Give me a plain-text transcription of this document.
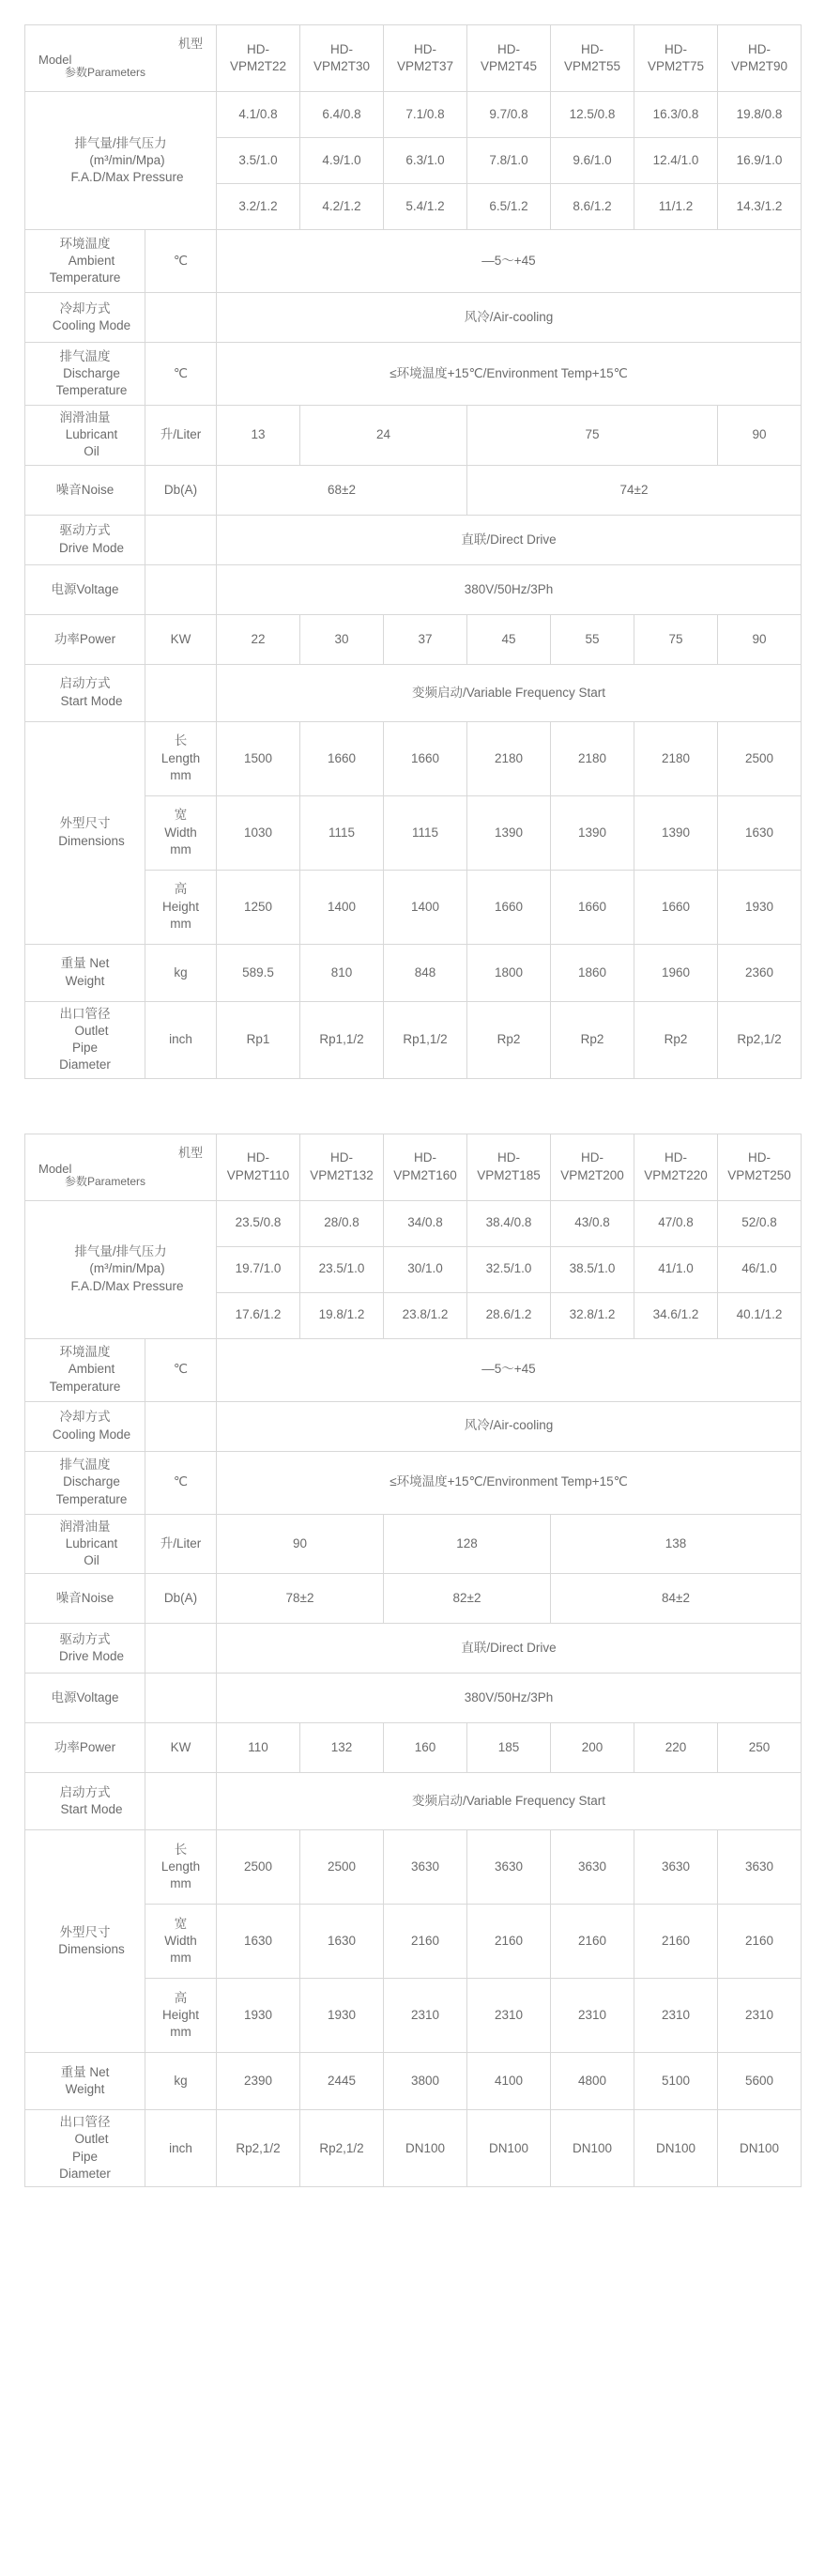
机型
Model
参数Parameters		HD-VPM2T22	HD-VPM2T30	HD-VPM2T37	HD-VPM2T45	HD-VPM2T55	HD-VPM2T75	HD-VPM2T90

排气量/排气压力
(m³/min/Mpa)
F.A.D/Max Pressure		4.1/0.8	6.4/0.8	7.1/0.8	9.7/0.8	12.5/0.8	16.3/0.8	19.8/0.8
		3.5/1.0	4.9/1.0	6.3/1.0	7.8/1.0	9.6/1.0	12.4/1.0	16.9/1.0
		3.2/1.2	4.2/1.2	5.4/1.2	6.5/1.2	8.6/1.2	11/1.2	14.3/1.2

环境温度
Ambient
Temperature	℃	—5～+45						

冷却方式
Cooling Mode		风冷/Air-cooling						

排气温度
Discharge
Temperature	℃	≤环境温度+15℃/Environment Temp+15℃						

润滑油量
Lubricant
Oil	升/Liter	13	24		75			90

噪音Noise	Db(A)	68±2			74±2			

驱动方式
Drive Mode		直联/Direct Drive						

电源Voltage		380V/50Hz/3Ph						

功率Power	KW	22	30	37	45	55	75	90

启动方式
Start Mode		变频启动/Variable Frequency Start						

外型尺寸
Dimensions

长
Length
mm
	1500	1660	1660	2180	2180	2180	2500

	宽
Width
mm	1030	1115	1115	1390	1390	1390	1630

	高
Height
mm	1250	1400	1400	1660	1660	1660	1930

重量 Net
Weight	kg	589.5	810	848	1800	1860	1960	2360

出口管径
Outlet
Pipe
Diameter	inch	Rp1	Rp1,1/2	Rp1,1/2	Rp2	Rp2	Rp2	Rp2,1/2
机型
Model
参数Parameters		HD-VPM2T110	HD-VPM2T132	HD-VPM2T160	HD-VPM2T185	HD-VPM2T200	HD-VPM2T220	HD-VPM2T250

排气量/排气压力
(m³/min/Mpa)
F.A.D/Max Pressure		23.5/0.8	28/0.8	34/0.8	38.4/0.8	43/0.8	47/0.8	52/0.8
		19.7/1.0	23.5/1.0	30/1.0	32.5/1.0	38.5/1.0	41/1.0	46/1.0
		17.6/1.2	19.8/1.2	23.8/1.2	28.6/1.2	32.8/1.2	34.6/1.2	40.1/1.2

环境温度
Ambient
Temperature	℃	—5～+45						

冷却方式
Cooling Mode		风冷/Air-cooling						

排气温度
Discharge
Temperature	℃	≤环境温度+15℃/Environment Temp+15℃						

润滑油量
Lubricant
Oil	升/Liter	90		128		138		

噪音Noise	Db(A)	78±2		82±2		84±2		

驱动方式
Drive Mode		直联/Direct Drive						

电源Voltage		380V/50Hz/3Ph						

功率Power	KW	110	132	160	185	200	220	250

启动方式
Start Mode		变频启动/Variable Frequency Start						

外型尺寸
Dimensions

长
Length
mm
	2500	2500	3630	3630	3630	3630	3630

	宽
Width
mm	1630	1630	2160	2160	2160	2160	2160

	高
Height
mm	1930	1930	2310	2310	2310	2310	2310

重量 Net
Weight	kg	2390	2445	3800	4100	4800	5100	5600

出口管径
Outlet
Pipe
Diameter	inch	Rp2,1/2	Rp2,1/2	DN100	DN100	DN100	DN100	DN100
